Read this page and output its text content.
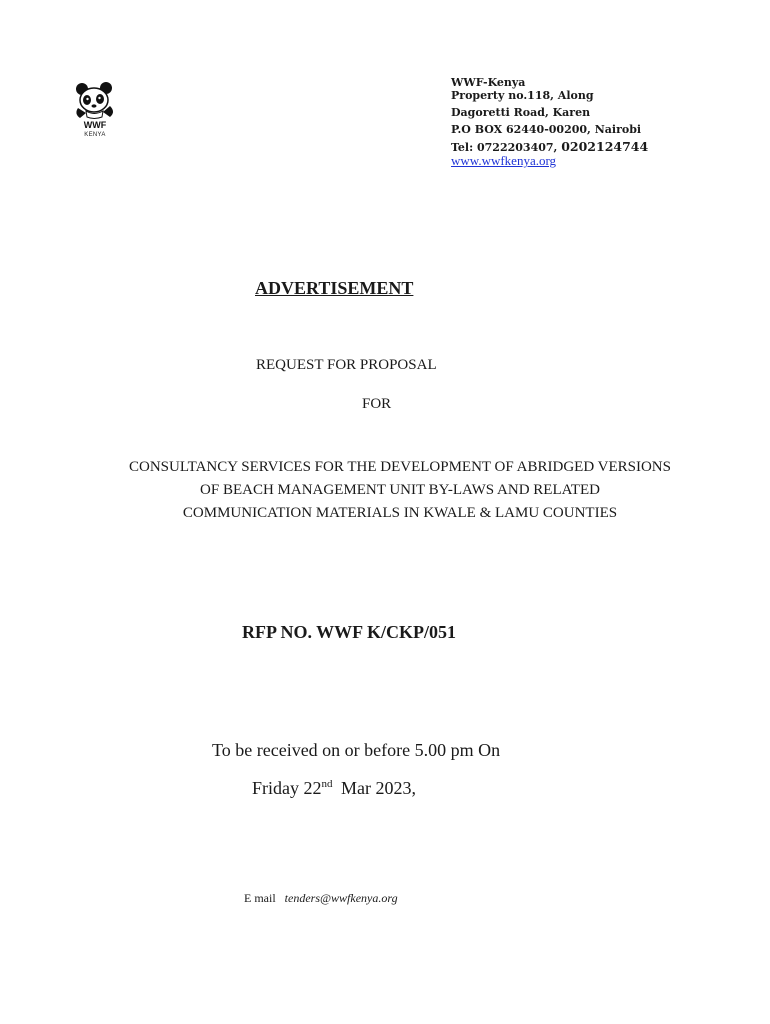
WWF
KENYA
WWF-Kenya
Property no.118, Along
Dagoretti Road, Karen
P.O BOX 62440-00200, Nairobi
Tel: 0722203407, 0202124744
www.wwfkenya.org
ADVERTISEMENT
REQUEST FOR PROPOSAL
FOR
CONSULTANCY SERVICES FOR THE DEVELOPMENT OF ABRIDGED VERSIONS
OF BEACH MANAGEMENT UNIT BY-LAWS AND RELATED
COMMUNICATION MATERIALS IN KWALE & LAMU COUNTIES
RFP NO. WWF K/CKP/051
To be received on or before 5.00 pm On
Friday 22nd Mar 2023,
E mail tenders@wwfkenya.org
